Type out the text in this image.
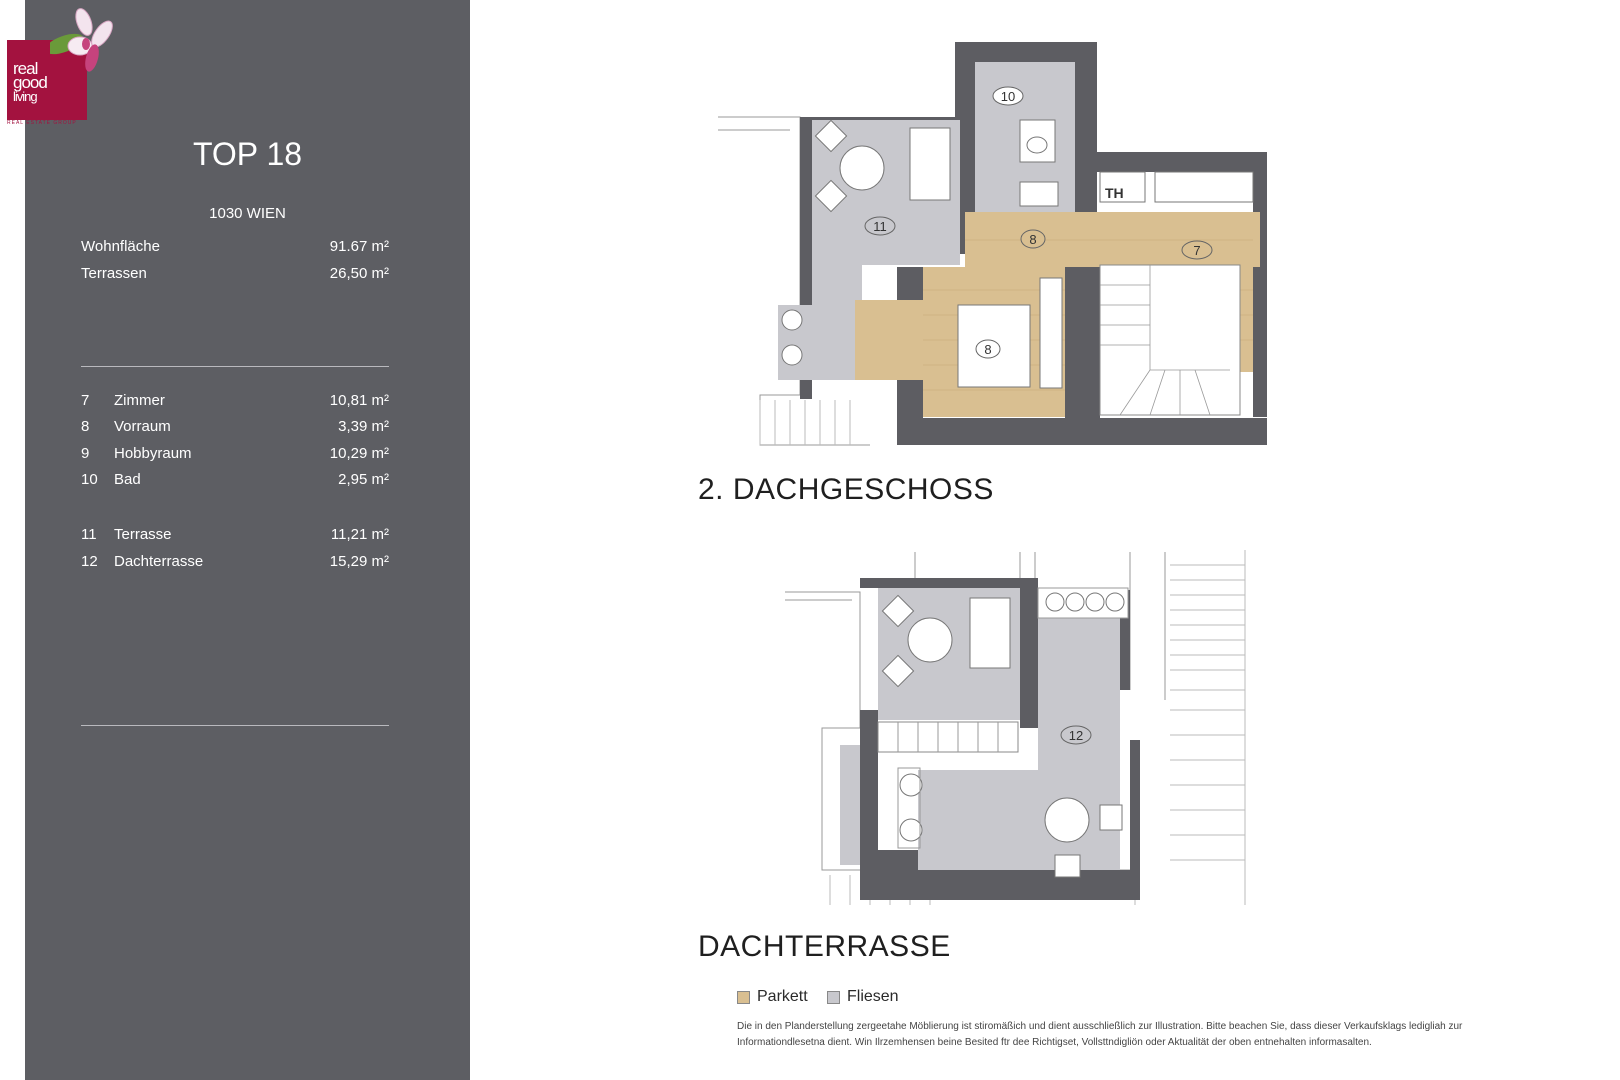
real
good
living
REAL ESTATE GROUP
TOP 18
1030 WIEN
Wohnfläche	91.67 m²
Terrassen	26,50 m²
7 Zimmer	10,81 m²
8 Vorraum	3,39 m²
9 Hobbyraum	10,29 m²
10 Bad	2,95 m²
11 Terrasse	11,21 m²
12 Dachterrasse	15,29 m²
10
11
8
7
8
TH
2. DACHGESCHOSS
12
DACHTERRASSE
Parkett Fliesen
Die in den Planderstellung zergeetahe Möblierung ist stiromäßich und dient ausschließlich zur Illustration. Bitte beachen Sie, dass dieser Verkaufsklags ledigliah zur Informationdlesetna dient. Win Ilrzemhensen beine Besited ftr dee Richtigset, Vollsttndigliön oder Aktualität der oben entnehalten informasalten.
